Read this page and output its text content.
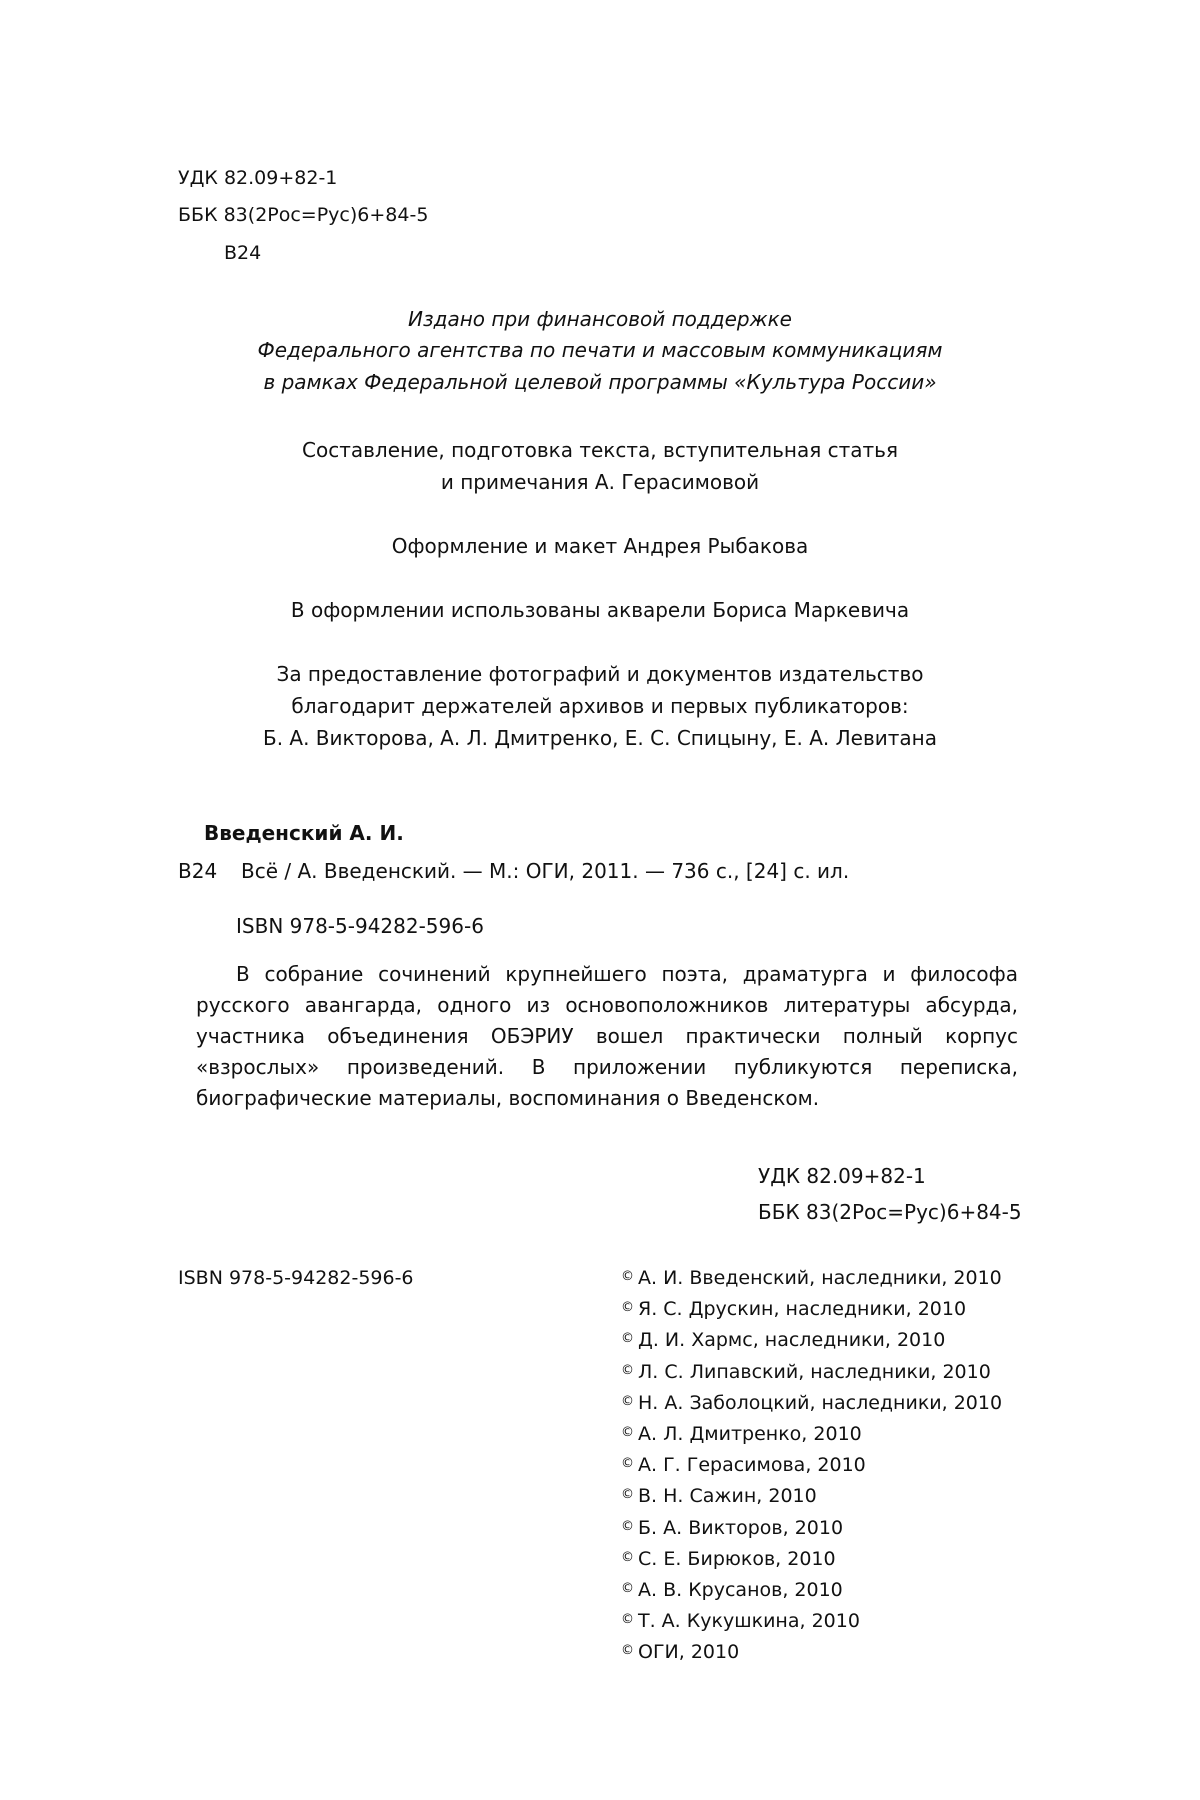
УДК 82.09+82-1
ББК 83(2Рос=Рус)6+84-5
В24
Издано при финансовой поддержке
Федерального агентства по печати и массовым коммуникациям
в рамках Федеральной целевой программы «Культура России»
Составление, подготовка текста, вступительная статья
и примечания А. Герасимовой
Оформление и макет Андрея Рыбакова
В оформлении использованы акварели Бориса Маркевича
За предоставление фотографий и документов издательство
благодарит держателей архивов и первых публикаторов:
Б. А. Викторова, А. Л. Дмитренко, Е. С. Спицыну, Е. А. Левитана
Введенский А. И.
В24 Всё / А. Введенский. — М.: ОГИ, 2011. — 736 с., [24] с. ил.
ISBN 978-5-94282-596-6
В собрание сочинений крупнейшего поэта, драматурга и философа русского авангарда, одного из основоположников литературы абсурда, участника объединения ОБЭРИУ вошел практически полный корпус «взрослых» произведений. В приложении публикуются переписка, биографические материалы, воспоминания о Введенском.
УДК 82.09+82-1
ББК 83(2Рос=Рус)6+84-5
ISBN 978-5-94282-596-6	© А. И. Введенский, наследники, 2010
© Я. С. Друскин, наследники, 2010
© Д. И. Хармс, наследники, 2010
© Л. С. Липавский, наследники, 2010
© Н. А. Заболоцкий, наследники, 2010
© А. Л. Дмитренко, 2010
© А. Г. Герасимова, 2010
© В. Н. Сажин, 2010
© Б. А. Викторов, 2010
© С. Е. Бирюков, 2010
© А. В. Крусанов, 2010
© Т. А. Кукушкина, 2010
© ОГИ, 2010
